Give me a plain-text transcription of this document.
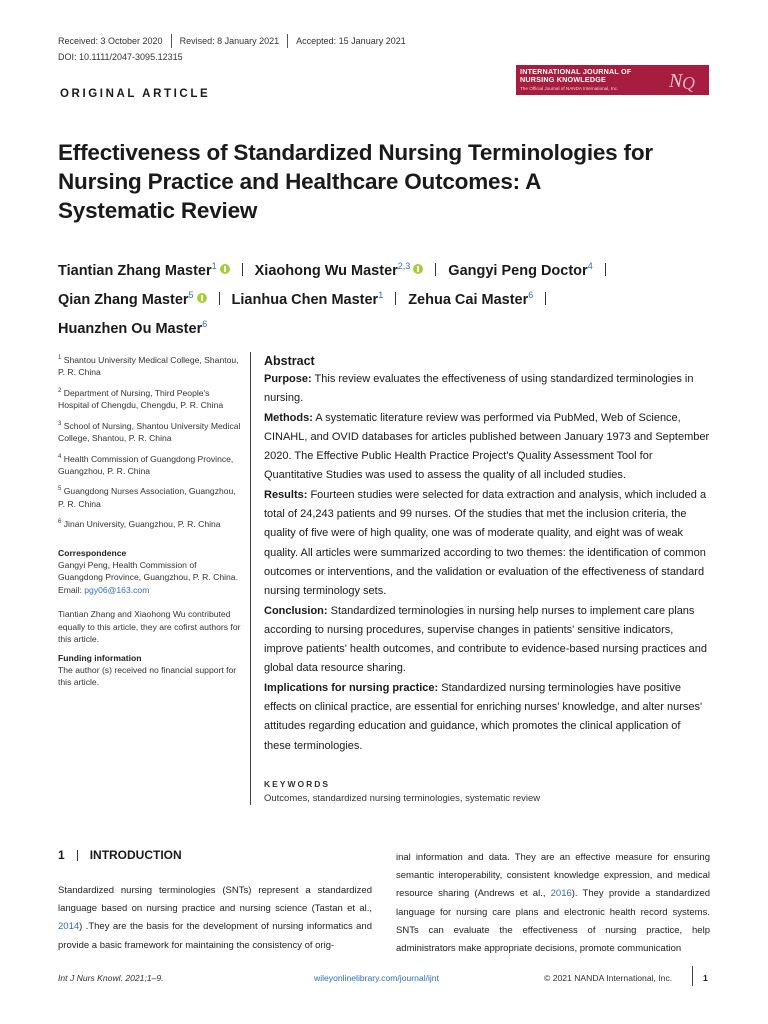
Received: 3 October 2020 Revised: 8 January 2021 Accepted: 15 January 2021
DOI: 10.1111/2047-3095.12315
ORIGINAL ARTICLE
INTERNATIONAL JOURNAL OF
NURSING KNOWLEDGE
The Official Journal of NANDA International, Inc.	N Q
Effectiveness of Standardized Nursing Terminologies for Nursing Practice and Healthcare Outcomes: A Systematic Review
Tiantian Zhang Master$^1$	Xiaohong Wu Master$^{2,3}$	Gangyi Peng Doctor$^4$
Qian Zhang Master$^5$	Lianhua Chen Master$^1$ Zehua Cai Master$^6$
Huanzhen Ou Master$^6$
$^1$ Shantou University Medical College, Shantou, P. R. China
$^2$ Department of Nursing, Third People's Hospital of Chengdu, Chengdu, P. R. China
$^3$ School of Nursing, Shantou University Medical College, Shantou, P. R. China
$^4$ Health Commission of Guangdong Province, Guangzhou, P. R. China
$^5$ Guangdong Nurses Association, Guangzhou, P. R. China
$^6$ Jinan University, Guangzhou, P. R. China
Correspondence
Gangyi Peng, Health Commission of Guangdong Province, Guangzhou, P. R. China.
Email: pgy06@163.com
Tiantian Zhang and Xiaohong Wu contributed equally to this article, they are cofirst authors for this article.
Funding information
The author (s) received no financial support for this article.
Abstract

Purpose: This review evaluates the effectiveness of using standardized terminologies in nursing.

Methods: A systematic literature review was performed via PubMed, Web of Science, CINAHL, and OVID databases for articles published between January 1973 and September 2020. The Effective Public Health Practice Project's Quality Assessment Tool for Quantitative Studies was used to assess the quality of all included studies.

Results: Fourteen studies were selected for data extraction and analysis, which included a total of 24,243 patients and 99 nurses. Of the studies that met the inclusion criteria, the quality of five were of high quality, one was of moderate quality, and eight was of weak quality. All articles were summarized according to two themes: the identification of common outcomes or interventions, and the validation or evaluation of the effectiveness of standard nursing terminology sets.

Conclusion: Standardized terminologies in nursing help nurses to implement care plans according to nursing procedures, supervise changes in patients' sensitive indicators, improve patients' health outcomes, and contribute to evidence-based nursing practices and global data resource sharing.

Implications for nursing practice: Standardized nursing terminologies have positive effects on clinical practice, are essential for enriching nurses' knowledge, and alter nurses' attitudes regarding education and guidance, which promotes the clinical application of these terminologies.

KEYWORDS
Outcomes, standardized nursing terminologies, systematic review
1 INTRODUCTION
Standardized nursing terminologies (SNTs) represent a standardized language based on nursing practice and nursing science (Tastan et al., 2014) .They are the basis for the development of nursing informatics and provide a basic framework for maintaining the consistency of orig-
inal information and data. They are an effective measure for ensuring semantic interoperability, consistent knowledge expression, and medical resource sharing (Andrews et al., 2016). They provide a standardized language for nursing care plans and electronic health record systems. SNTs can evaluate the effectiveness of nursing practice, help administrators make appropriate decisions, promote communication
Int J Nurs Knowl. 2021;1–9.	wileyonlinelibrary.com/journal/ijnt	© 2021 NANDA International, Inc.	1
